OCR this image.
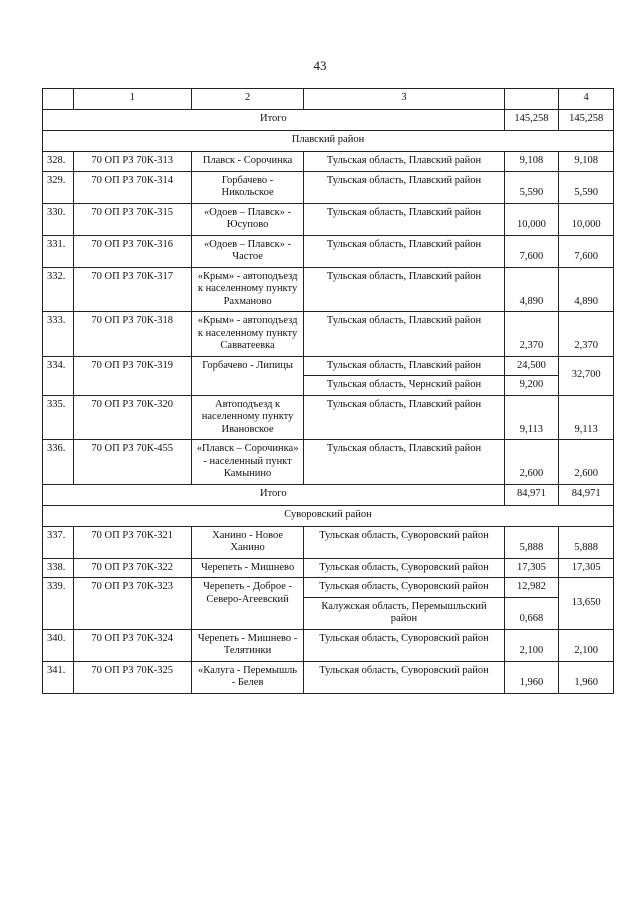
43
	1	2	3		4
Итого				145,258	145,258
Плавский район					
328.	70 ОП РЗ 70К-313	Плавск - Сорочинка	Тульская область, Плавский район	9,108	9,108
329.	70 ОП РЗ 70К-314	Горбачево - Никольское	Тульская область, Плавский район	5,590	5,590
330.	70 ОП РЗ 70К-315	«Одоев – Плавск» - Юсупово	Тульская область, Плавский район	10,000	10,000
331.	70 ОП РЗ 70К-316	«Одоев – Плавск» - Частое	Тульская область, Плавский район	7,600	7,600
332.	70 ОП РЗ 70К-317	«Крым» - автоподъезд к населенному пункту Рахманово	Тульская область, Плавский район	4,890	4,890
333.	70 ОП РЗ 70К-318	«Крым» - автоподъезд к населенному пункту Савватеевка	Тульская область, Плавский район	2,370	2,370
334.	70 ОП РЗ 70К-319	Горбачево - Липицы	Тульская область, Плавский район	24,500	32,700
			Тульская область, Чернский район	9,200	
335.	70 ОП РЗ 70К-320	Автоподъезд к населенному пункту Ивановское	Тульская область, Плавский район	9,113	9,113
336.	70 ОП РЗ 70К-455	«Плавск – Сорочинка» - населенный пункт Камынино	Тульская область, Плавский район	2,600	2,600
Итого				84,971	84,971
Суворовский район					
337.	70 ОП РЗ 70К-321	Ханино - Новое Ханино	Тульская область, Суворовский район	5,888	5,888
338.	70 ОП РЗ 70К-322	Черепеть - Мишнево	Тульская область, Суворовский район	17,305	17,305
339.	70 ОП РЗ 70К-323	Черепеть - Доброе - Северо-Агеевский	Тульская область, Суворовский район	12,982	13,650
			Калужская область, Перемышльский район	0,668	
340.	70 ОП РЗ 70К-324	Черепеть - Мишнево - Телятинки	Тульская область, Суворовский район	2,100	2,100
341.	70 ОП РЗ 70К-325	«Калуга - Перемышль - Белев	Тульская область, Суворовский район	1,960	1,960
